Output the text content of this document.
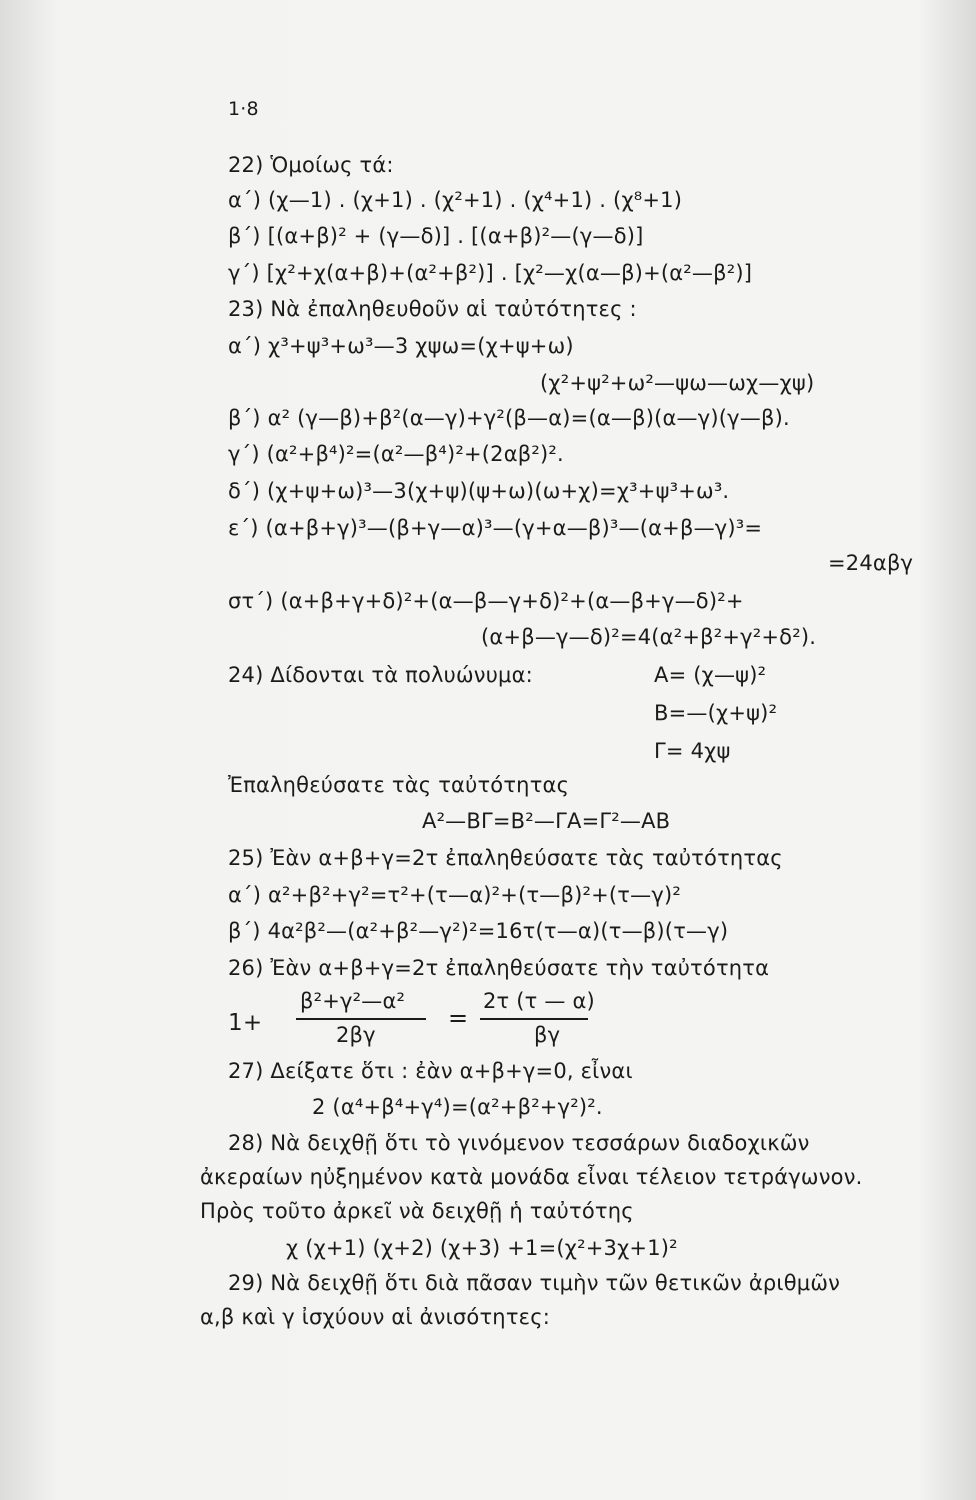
1·8
22) Ὁμοίως τά:
α΄) (χ—1) . (χ+1) . (χ²+1) . (χ⁴+1) . (χ⁸+1)
β΄) [(α+β)² + (γ—δ)] . [(α+β)²—(γ—δ)]
γ΄) [χ²+χ(α+β)+(α²+β²)] . [χ²—χ(α—β)+(α²—β²)]
23) Νὰ ἐπαληθευθοῦν αἱ ταὐτότητες :
α΄) χ³+ψ³+ω³—3 χψω=(χ+ψ+ω)
(χ²+ψ²+ω²—ψω—ωχ—χψ)
β΄) α² (γ—β)+β²(α—γ)+γ²(β—α)=(α—β)(α—γ)(γ—β).
γ΄) (α²+β⁴)²=(α²—β⁴)²+(2αβ²)².
δ΄) (χ+ψ+ω)³—3(χ+ψ)(ψ+ω)(ω+χ)=χ³+ψ³+ω³.
ε΄) (α+β+γ)³—(β+γ—α)³—(γ+α—β)³—(α+β—γ)³=
=24αβγ
στ΄) (α+β+γ+δ)²+(α—β—γ+δ)²+(α—β+γ—δ)²+
(α+β—γ—δ)²=4(α²+β²+γ²+δ²).
24) Δίδονται τὰ πολυώνυμα:	Α= (χ—ψ)²
Β=—(χ+ψ)²
Γ= 4χψ
Ἐπαληθεύσατε τὰς ταὐτότητας
Α²—ΒΓ=Β²—ΓΑ=Γ²—ΑΒ
25) Ἐὰν α+β+γ=2τ ἐπαληθεύσατε τὰς ταὐτότητας
α΄) α²+β²+γ²=τ²+(τ—α)²+(τ—β)²+(τ—γ)²
β΄) 4α²β²—(α²+β²—γ²)²=16τ(τ—α)(τ—β)(τ—γ)
26) Ἐὰν α+β+γ=2τ ἐπαληθεύσατε τὴν ταὐτότητα
1+
β²+γ²—α²
2βγ
=
2τ (τ — α)
βγ
27) Δείξατε ὅτι : ἐὰν α+β+γ=0, εἶναι
2 (α⁴+β⁴+γ⁴)=(α²+β²+γ²)².
28) Νὰ δειχθῇ ὅτι τὸ γινόμενον τεσσάρων διαδοχικῶν
ἀκεραίων ηὐξημένον κατὰ μονάδα εἶναι τέλειον τετράγωνον.
Πρὸς τοῦτο ἀρκεῖ νὰ δειχθῇ ἡ ταὐτότης
χ (χ+1) (χ+2) (χ+3) +1=(χ²+3χ+1)²
29) Νὰ δειχθῇ ὅτι διὰ πᾶσαν τιμὴν τῶν θετικῶν ἀριθμῶν
α,β καὶ γ ἰσχύουν αἱ ἀνισότητες:
